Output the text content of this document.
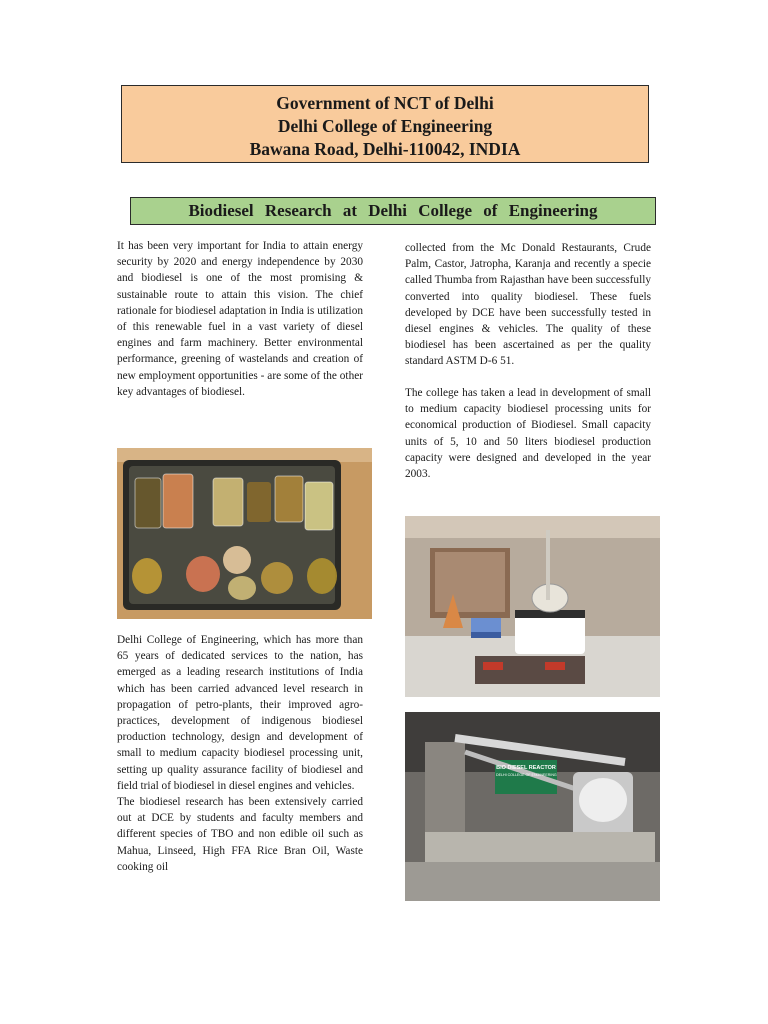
Government of NCT of Delhi
Delhi College of Engineering
Bawana Road, Delhi-110042, INDIA
Biodiesel Research at Delhi College of Engineering

It has been very important for India to attain energy security by 2020 and energy independence by 2030 and biodiesel is one of the most promising & sustainable route to attain this vision. The chief rationale for biodiesel adaptation in India is utilization of this renewable fuel in a vast variety of diesel engines and farm machinery. Better environmental performance, greening of wastelands and creation of new employment opportunities - are some of the other key advantages of biodiesel.

Delhi College of Engineering, which has more than 65 years of dedicated services to the nation, has emerged as a leading research institutions of India which has been carried advanced level research in propagation of petro-plants, their improved agro-practices, development of indigenous biodiesel production technology, design and development of small to medium capacity biodiesel processing unit, setting up quality assurance facility of biodiesel and field trial of biodiesel in diesel engines and vehicles.

The biodiesel research has been extensively carried out at DCE by students and faculty members and different species of TBO and non edible oil such as Mahua, Linseed, High FFA Rice Bran Oil, Waste cooking oil

collected from the Mc Donald Restaurants, Crude Palm, Castor, Jatropha, Karanja and recently a specie called Thumba from Rajasthan have been successfully converted into quality biodiesel. These fuels developed by DCE have been successfully tested in diesel engines & vehicles. The quality of these biodiesel has been ascertained as per the quality standard ASTM D-6 51.

The college has taken a lead in development of small to medium capacity biodiesel processing units for economical production of Biodiesel. Small capacity units of 5, 10 and 50 liters biodiesel production capacity were designed and developed in the year 2003.

BIO DIESEL REACTOR
DELHI COLLEGE OF ENGINEERING
